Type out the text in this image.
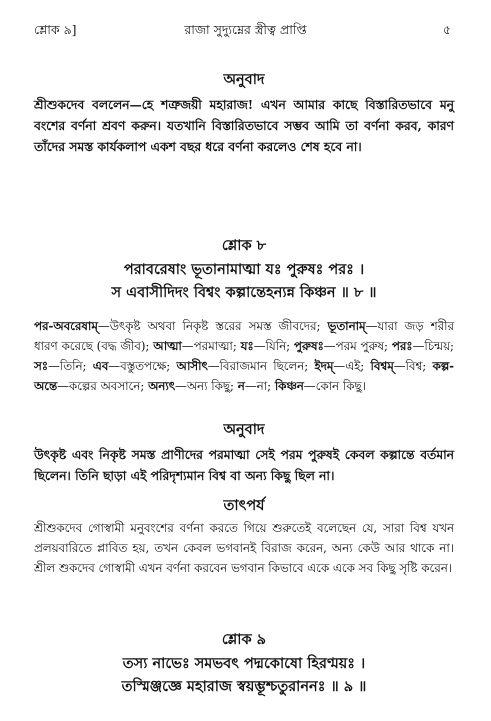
শ্লোক ৯]	রাজা সুদ্যুম্নের স্ত্রীত্ব প্রাপ্তি	৫
অনুবাদ
শ্রীশুকদেব বললেন—হে শত্রুজয়ী মহারাজ! এখন আমার কাছে বিস্তারিতভাবে মনু বংশের বর্ণনা শ্রবণ করুন। যতখানি বিস্তারিতভাবে সম্ভব আমি তা বর্ণনা করব, কারণ তাঁদের সমস্ত কার্যকলাপ একশ বছর ধরে বর্ণনা করলেও শেষ হবে না।
শ্লোক ৮
পরাবরেষাং ভূতানামাত্মা যঃ পুরুষঃ পরঃ ।
স এবাসীদিদং বিশ্বং কল্পান্তেহন্যন্ন কিঞ্চন ॥ ৮ ॥
পর-অবরেষাম্—উৎকৃষ্ট অথবা নিকৃষ্ট স্তরের সমস্ত জীবদের; ভূতানাম্—যারা জড় শরীর ধারণ করেছে (বদ্ধ জীব); আত্মা—পরমাত্মা; যঃ—যিনি; পুরুষঃ—পরম পুরুষ; পরঃ—চিন্ময়; সঃ—তিনি; এব—বস্তুতপক্ষে; আসীৎ—বিরাজমান ছিলেন; ইদম্—এই; বিশ্বম্—বিশ্ব; কল্প-অন্তে—কল্পের অবসানে; অন্যৎ—অন্য কিছু; ন—না; কিঞ্চন—কোন কিছু।
অনুবাদ
উৎকৃষ্ট এবং নিকৃষ্ট সমস্ত প্রাণীদের পরমাত্মা সেই পরম পুরুষই কেবল কল্পান্তে বর্তমান ছিলেন। তিনি ছাড়া এই পরিদৃশ্যমান বিশ্ব বা অন্য কিছু ছিল না।
তাৎপর্য
শ্রীশুকদেব গোস্বামী মনুবংশের বর্ণনা করতে গিয়ে শুরুতেই বলেছেন যে, সারা বিশ্ব যখন প্রলয়বারিতে প্লাবিত হয়, তখন কেবল ভগবানই বিরাজ করেন, অন্য কেউ আর থাকে না। শ্রীল শুকদেব গোস্বামী এখন বর্ণনা করবেন ভগবান কিভাবে একে একে সব কিছু সৃষ্টি করেন।
শ্লোক ৯
তস্য নাভেঃ সমভবৎ পদ্মকোষো হিরণ্ময়ঃ ।
তস্মিঞ্জজ্ঞে মহারাজ স্বয়ম্ভূশ্চতুরাননঃ ॥ ৯ ॥
